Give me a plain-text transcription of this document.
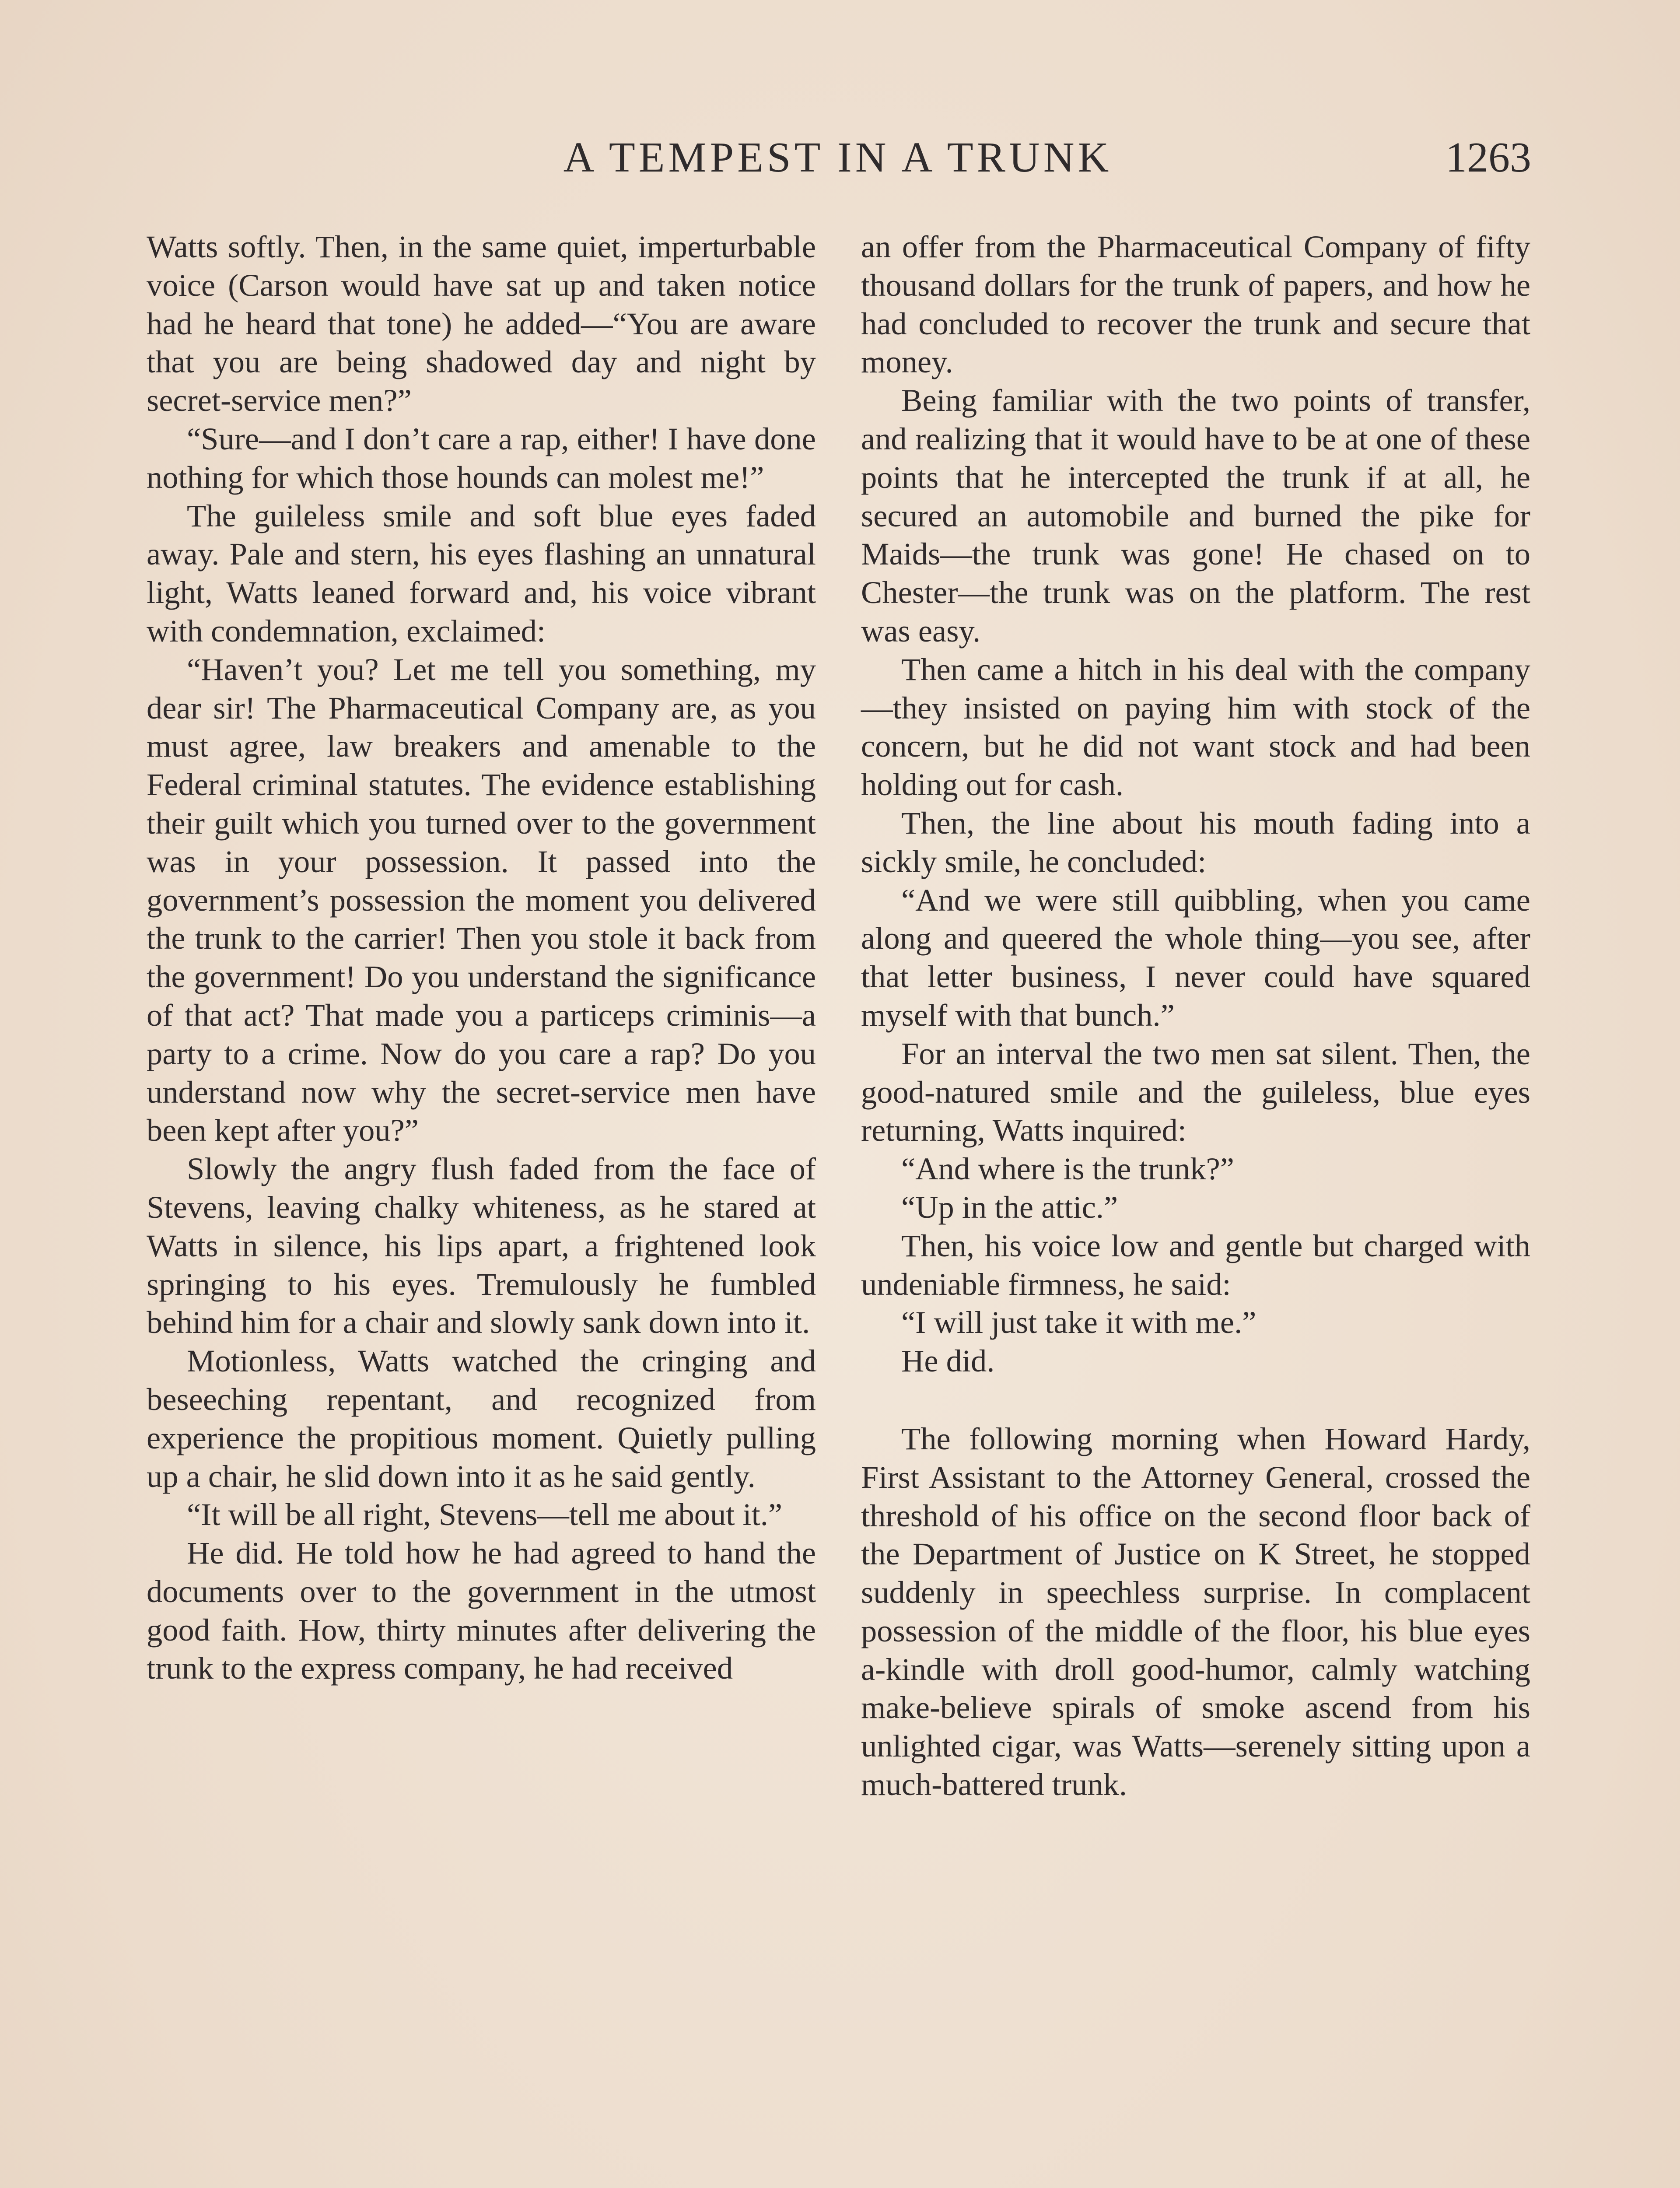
A TEMPEST IN A TRUNK	1263

Watts softly. Then, in the same quiet, imperturbable voice (Carson would have sat up and taken notice had he heard that tone) he added—“You are aware that you are being shadowed day and night by secret-service men?”

“Sure—and I don’t care a rap, either! I have done nothing for which those hounds can molest me!”

The guileless smile and soft blue eyes faded away. Pale and stern, his eyes flashing an unnatural light, Watts leaned forward and, his voice vibrant with condemnation, exclaimed:

“Haven’t you? Let me tell you something, my dear sir! The Pharmaceutical Company are, as you must agree, law breakers and amenable to the Federal criminal statutes. The evidence establishing their guilt which you turned over to the government was in your possession. It passed into the government’s possession the moment you delivered the trunk to the carrier! Then you stole it back from the government! Do you understand the significance of that act? That made you a particeps criminis—a party to a crime. Now do you care a rap? Do you understand now why the secret-service men have been kept after you?”

Slowly the angry flush faded from the face of Stevens, leaving chalky whiteness, as he stared at Watts in silence, his lips apart, a frightened look springing to his eyes. Tremulously he fumbled behind him for a chair and slowly sank down into it.

Motionless, Watts watched the cringing and beseeching repentant, and recognized from experience the propitious moment. Quietly pulling up a chair, he slid down into it as he said gently.

“It will be all right, Stevens—tell me about it.”

He did. He told how he had agreed to hand the documents over to the government in the utmost good faith. How, thirty minutes after delivering the trunk to the express company, he had received

an offer from the Pharmaceutical Company of fifty thousand dollars for the trunk of papers, and how he had concluded to recover the trunk and secure that money.

Being familiar with the two points of transfer, and realizing that it would have to be at one of these points that he intercepted the trunk if at all, he secured an automobile and burned the pike for Maids—the trunk was gone! He chased on to Chester—the trunk was on the platform. The rest was easy.

Then came a hitch in his deal with the company—they insisted on paying him with stock of the concern, but he did not want stock and had been holding out for cash.

Then, the line about his mouth fading into a sickly smile, he concluded:

“And we were still quibbling, when you came along and queered the whole thing—you see, after that letter business, I never could have squared myself with that bunch.”

For an interval the two men sat silent. Then, the good-natured smile and the guileless, blue eyes returning, Watts inquired:

“And where is the trunk?”

“Up in the attic.”

Then, his voice low and gentle but charged with undeniable firmness, he said:

“I will just take it with me.”

He did.

The following morning when Howard Hardy, First Assistant to the Attorney General, crossed the threshold of his office on the second floor back of the Department of Justice on K Street, he stopped suddenly in speechless surprise. In complacent possession of the middle of the floor, his blue eyes a-kindle with droll good-humor, calmly watching make-believe spirals of smoke ascend from his unlighted cigar, was Watts—serenely sitting upon a much-battered trunk.
